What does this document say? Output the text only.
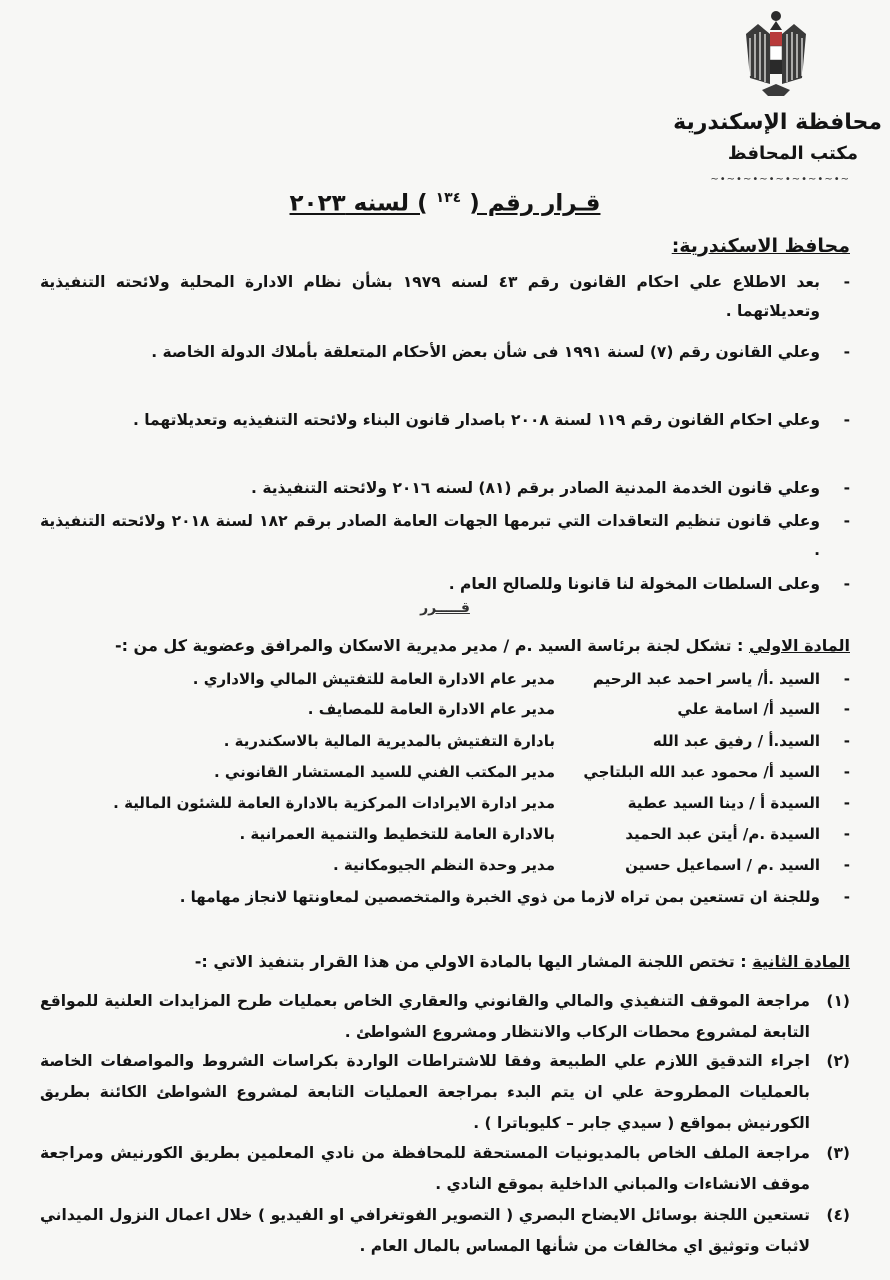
محافظة الإسكندرية
مكتب المحافظ
~•~•~•~•~•~•~•~•~
قـرار رقم ( $^{١٣٤}$ ) لسنه ٢٠٢٣
محافظ الاسكندرية:
-
بعد الاطلاع علي احكام القانون رقم ٤٣ لسنه ١٩٧٩ بشأن نظام الادارة المحلية ولائحته التنفيذية وتعديلاتهما .
-
وعلي القانون رقم (٧) لسنة ١٩٩١ فى شأن بعض الأحكام المتعلقة بأملاك الدولة الخاصة .
-
وعلي احكام القانون رقم ١١٩ لسنة ٢٠٠٨ باصدار قانون البناء ولائحته التنفيذيه وتعديلاتهما .
-
وعلي قانون الخدمة المدنية الصادر برقم (٨١) لسنه ٢٠١٦ ولائحته التنفيذية .
-
وعلي قانون تنظيم التعاقدات التي تبرمها الجهات العامة الصادر برقم ١٨٢ لسنة ٢٠١٨ ولائحته التنفيذية .
-
وعلى السلطات المخولة لنا قانونا وللصالح العام .
قـــــرر
المادة الاولي : تشكل لجنة برئاسة السيد .م / مدير مديرية الاسكان والمرافق وعضوية كل من :-
-
السيد .أ/ ياسر احمد عبد الرحيم
مدير عام الادارة العامة للتفتيش المالي والاداري .
-
السيد أ/ اسامة علي
مدير عام الادارة العامة للمصايف .
-
السيد.أ / رفيق عبد الله
بادارة التفتيش بالمديرية المالية بالاسكندرية .
-
السيد أ/ محمود عبد الله البلتاجي
مدير المكتب الفني للسيد المستشار القانوني .
-
السيدة أ / دينا السيد عطية
مدير ادارة الايرادات المركزية بالادارة العامة للشئون المالية .
-
السيدة .م/ أيتن عبد الحميد
بالادارة العامة للتخطيط والتنمية العمرانية .
-
السيد .م / اسماعيل حسين
مدير وحدة النظم الجيومكانية .
-
وللجنة ان تستعين بمن تراه لازما من ذوي الخبرة والمتخصصين لمعاونتها لانجاز مهامها .
المادة الثانية : تختص اللجنة المشار اليها بالمادة الاولي من هذا القرار بتنفيذ الاتي :-
(١)
مراجعة الموقف التنفيذي والمالي والقانوني والعقاري الخاص بعمليات طرح المزايدات العلنية للمواقع التابعة لمشروع محطات الركاب والانتظار ومشروع الشواطئ .
(٢)
اجراء التدقيق اللازم علي الطبيعة وفقا للاشتراطات الواردة بكراسات الشروط والمواصفات الخاصة بالعمليات المطروحة علي ان يتم البدء بمراجعة العمليات التابعة لمشروع الشواطئ الكائنة بطريق الكورنيش بمواقع ( سيدي جابر – كليوباترا ) .
(٣)
مراجعة الملف الخاص بالمديونيات المستحقة للمحافظة من نادي المعلمين بطريق الكورنيش ومراجعة موقف الانشاءات والمباني الداخلية بموقع النادي .
(٤)
تستعين اللجنة بوسائل الايضاح البصري ( التصوير الفوتغرافي او الفيديو ) خلال اعمال النزول الميداني لاثبات وتوثيق اي مخالفات من شأنها المساس بالمال العام .
